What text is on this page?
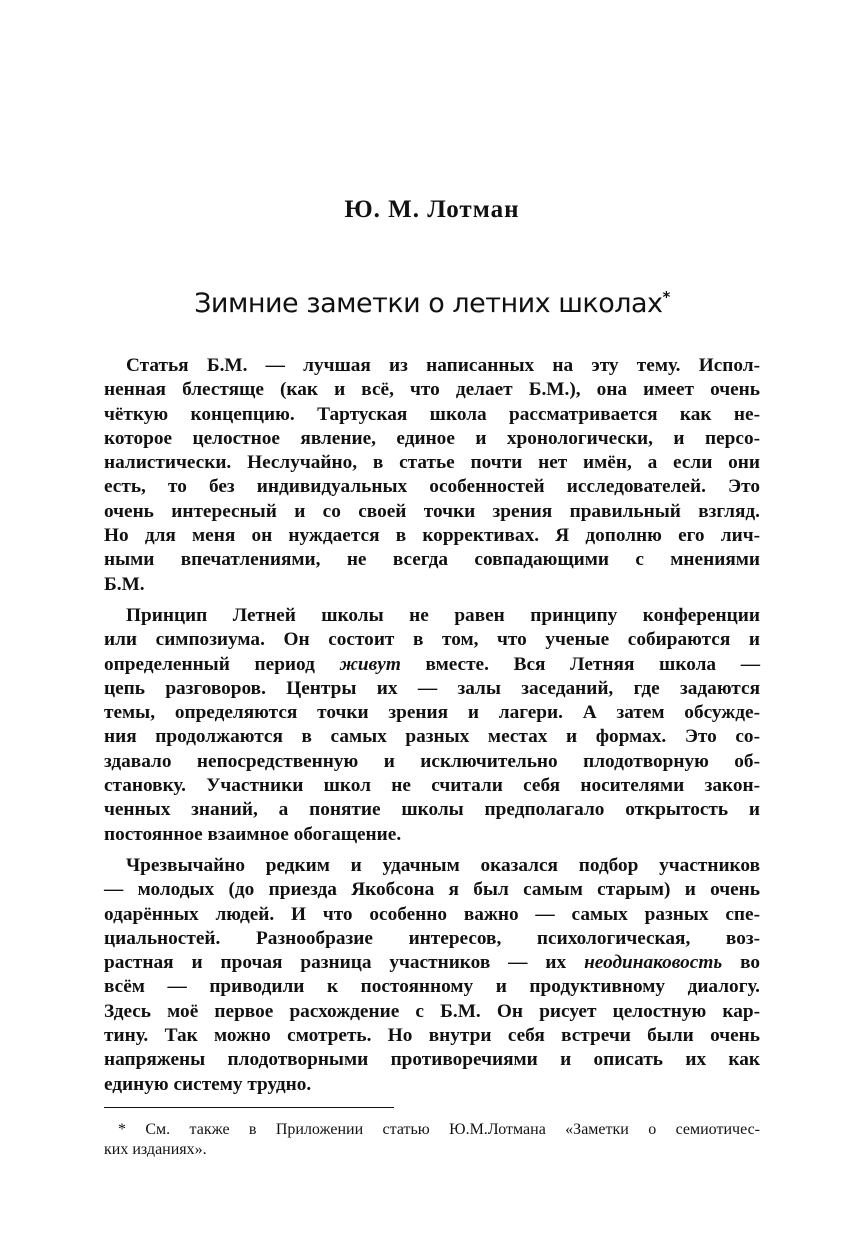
Ю. М. Лотман
Зимние заметки о летних школах*

Статья Б.М. — лучшая из написанных на эту тему. Испол-
ненная блестяще (как и всё, что делает Б.М.), она имеет очень
чёткую концепцию. Тартуская школа рассматривается как не-
которое целостное явление, единое и хронологически, и персо-
налистически. Неслучайно, в статье почти нет имён, а если они
есть, то без индивидуальных особенностей исследователей. Это
очень интересный и со своей точки зрения правильный взгляд.
Но для меня он нуждается в коррективах. Я дополню его лич-
ными впечатлениями, не всегда совпадающими с мнениями
Б.М.

Принцип Летней школы не равен принципу конференции
или симпозиума. Он состоит в том, что ученые собираются и
определенный период живут вместе. Вся Летняя школа —
цепь разговоров. Центры их — залы заседаний, где задаются
темы, определяются точки зрения и лагери. А затем обсужде-
ния продолжаются в самых разных местах и формах. Это со-
здавало непосредственную и исключительно плодотворную об-
становку. Участники школ не считали себя носителями закон-
ченных знаний, а понятие школы предполагало открытость и
постоянное взаимное обогащение.

Чрезвычайно редким и удачным оказался подбор участников
— молодых (до приезда Якобсона я был самым старым) и очень
одарённых людей. И что особенно важно — самых разных спе-
циальностей. Разнообразие интересов, психологическая, воз-
растная и прочая разница участников — их неодинаковость во
всём — приводили к постоянному и продуктивному диалогу.
Здесь моё первое расхождение с Б.М. Он рисует целостную кар-
тину. Так можно смотреть. Но внутри себя встречи были очень
напряжены плодотворными противоречиями и описать их как
единую систему трудно.

* См. также в Приложении статью Ю.М.Лотмана «Заметки о семиотичес-
ких изданиях».
